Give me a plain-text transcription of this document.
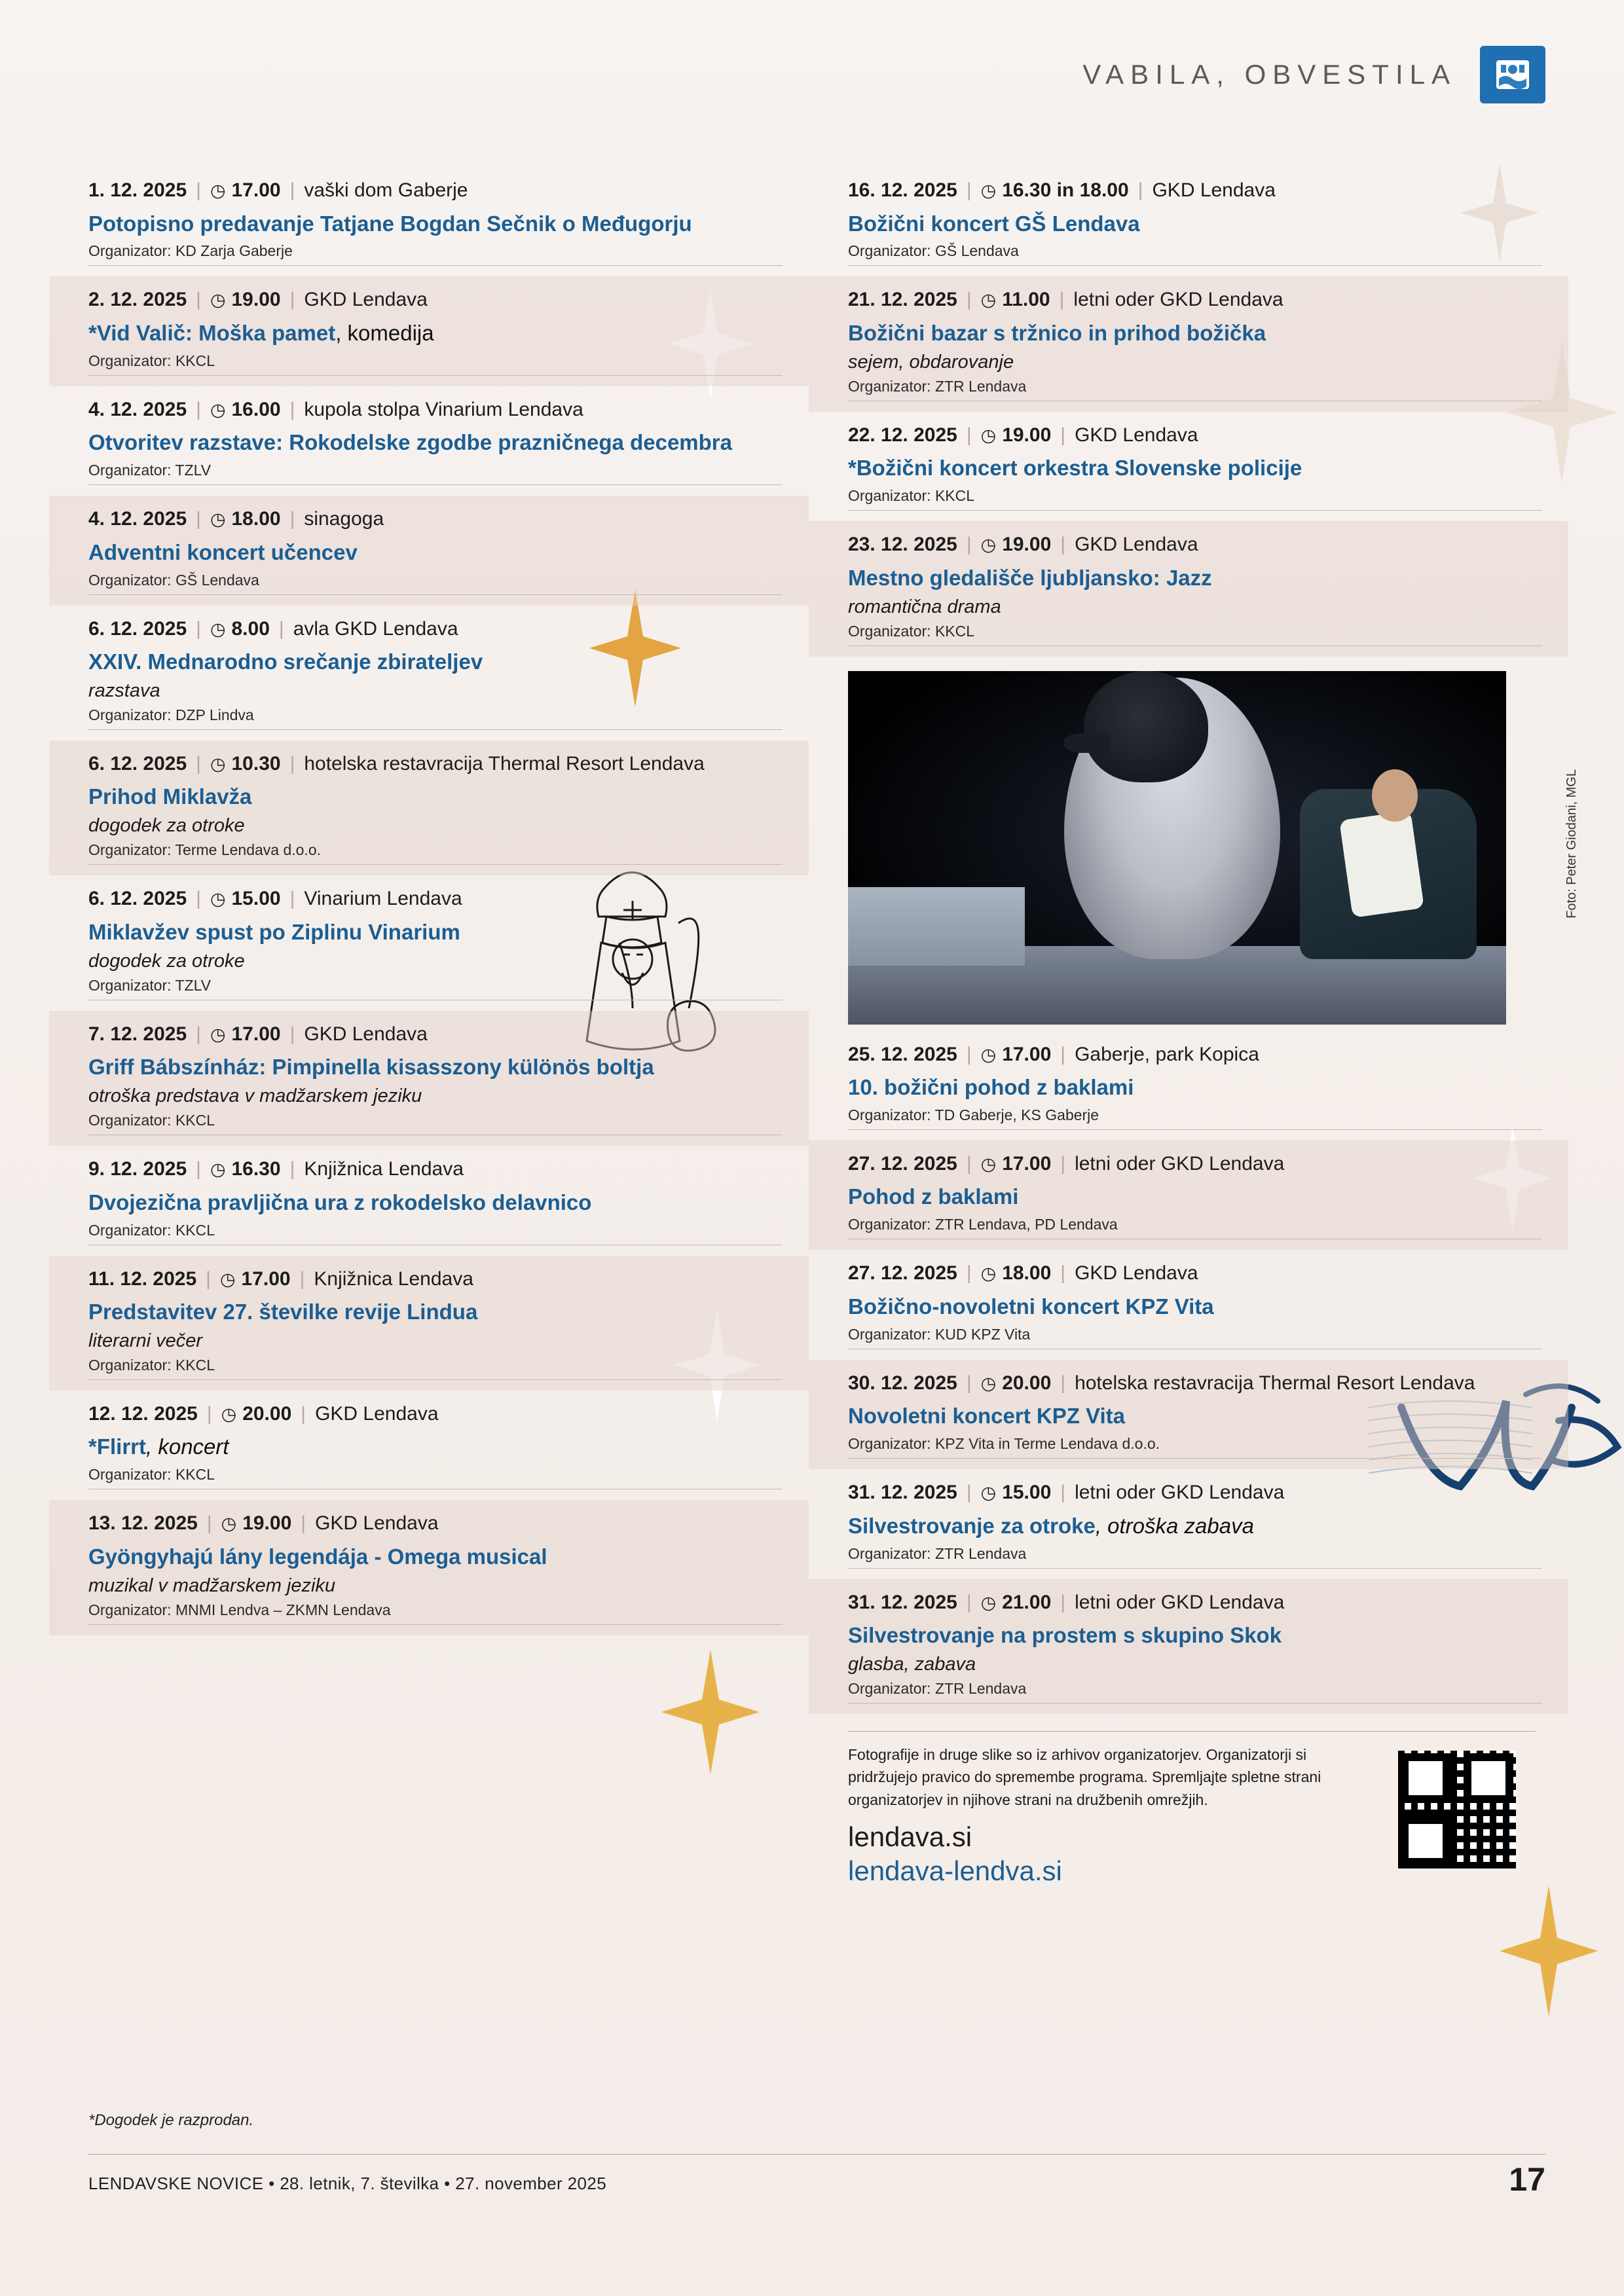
VABILA, OBVESTILA
1. 12. 2025 | ◷ 17.00 | vaški dom Gaberje
Potopisno predavanje Tatjane Bogdan Sečnik o Međugorju
Organizator: KD Zarja Gaberje
2. 12. 2025 | ◷ 19.00 | GKD Lendava
*Vid Valič: Moška pamet, komedija
Organizator: KKCL
4. 12. 2025 | ◷ 16.00 | kupola stolpa Vinarium Lendava
Otvoritev razstave: Rokodelske zgodbe prazničnega decembra
Organizator: TZLV
4. 12. 2025 | ◷ 18.00 | sinagoga
Adventni koncert učencev
Organizator: GŠ Lendava
6. 12. 2025 | ◷ 8.00 | avla GKD Lendava
XXIV. Mednarodno srečanje zbirateljev
razstava
Organizator: DZP Lindva
6. 12. 2025 | ◷ 10.30 | hotelska restavracija Thermal Resort Lendava
Prihod Miklavža
dogodek za otroke
Organizator: Terme Lendava d.o.o.
6. 12. 2025 | ◷ 15.00 | Vinarium Lendava
Miklavžev spust po Ziplinu Vinarium
dogodek za otroke
Organizator: TZLV
7. 12. 2025 | ◷ 17.00 | GKD Lendava
Griff Bábszínház: Pimpinella kisasszony különös boltja
otroška predstava v madžarskem jeziku
Organizator: KKCL
9. 12. 2025 | ◷ 16.30 | Knjižnica Lendava
Dvojezična pravljična ura z rokodelsko delavnico
Organizator: KKCL
11. 12. 2025 | ◷ 17.00 | Knjižnica Lendava
Predstavitev 27. številke revije Lindua
literarni večer
Organizator: KKCL
12. 12. 2025 | ◷ 20.00 | GKD Lendava
*Flirrt, koncert
Organizator: KKCL
13. 12. 2025 | ◷ 19.00 | GKD Lendava
Gyöngyhajú lány legendája - Omega musical
muzikal v madžarskem jeziku
Organizator: MNMI Lendva – ZKMN Lendava
16. 12. 2025 | ◷ 16.30 in 18.00 | GKD Lendava
Božični koncert GŠ Lendava
Organizator: GŠ Lendava
21. 12. 2025 | ◷ 11.00 | letni oder GKD Lendava
Božični bazar s tržnico in prihod božička
sejem, obdarovanje
Organizator: ZTR Lendava
22. 12. 2025 | ◷ 19.00 | GKD Lendava
*Božični koncert orkestra Slovenske policije
Organizator: KKCL
23. 12. 2025 | ◷ 19.00 | GKD Lendava
Mestno gledališče ljubljansko: Jazz
romantična drama
Organizator: KKCL
Foto: Peter Giodani, MGL
25. 12. 2025 | ◷ 17.00 | Gaberje, park Kopica
10. božični pohod z baklami
Organizator: TD Gaberje, KS Gaberje
27. 12. 2025 | ◷ 17.00 | letni oder GKD Lendava
Pohod z baklami
Organizator: ZTR Lendava, PD Lendava
27. 12. 2025 | ◷ 18.00 | GKD Lendava
Božično-novoletni koncert KPZ Vita
Organizator: KUD KPZ Vita
30. 12. 2025 | ◷ 20.00 | hotelska restavracija Thermal Resort Lendava
Novoletni koncert KPZ Vita
Organizator: KPZ Vita in Terme Lendava d.o.o.
31. 12. 2025 | ◷ 15.00 | letni oder GKD Lendava
Silvestrovanje za otroke, otroška zabava
Organizator: ZTR Lendava
31. 12. 2025 | ◷ 21.00 | letni oder GKD Lendava
Silvestrovanje na prostem s skupino Skok
glasba, zabava
Organizator: ZTR Lendava

Fotografije in druge slike so iz arhivov organizatorjev. Organizatorji si pridržujejo pravico do spremembe programa. Spremljajte spletne strani organizatorjev in njihove strani na družbenih omrežjih.

lendava.si
lendava-lendva.si
*Dogodek je razprodan.
LENDAVSKE NOVICE • 28. letnik, 7. številka • 27. november 2025	17
